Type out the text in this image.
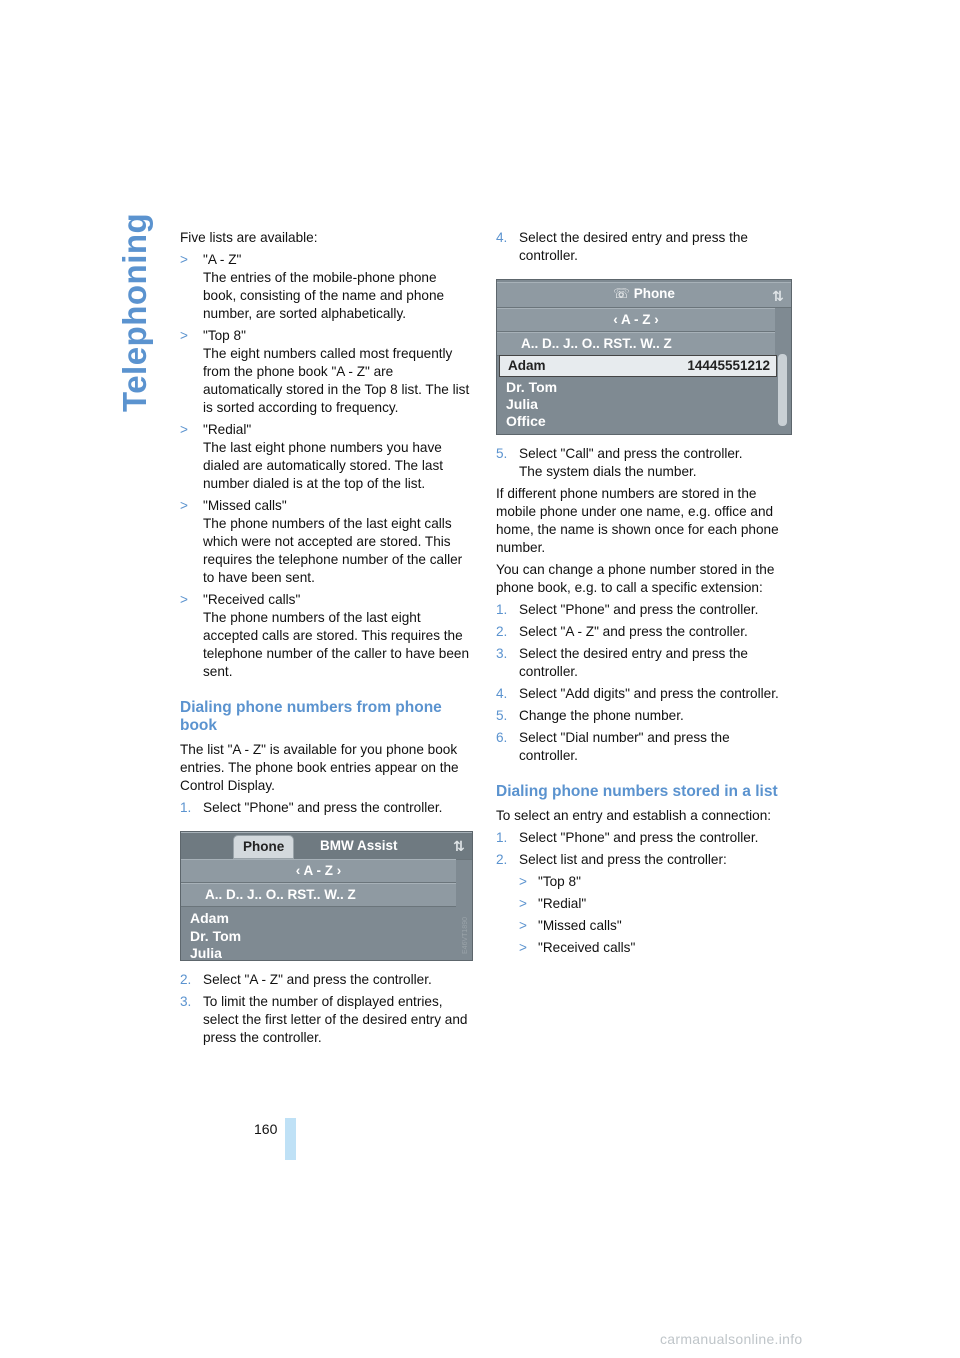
Telephoning Five lists are available:

> "A - Z"
The entries of the mobile-phone phone book, consisting of the name and phone number, are sorted alphabetically.
> "Top 8"
The eight numbers called most frequently from the phone book "A - Z" are automatically stored in the Top 8 list. The list is sorted according to frequency.
> "Redial"
The last eight phone numbers you have dialed are automatically stored. The last number dialed is at the top of the list.
> "Missed calls"
The phone numbers of the last eight calls which were not accepted are stored. This requires the telephone number of the caller to have been sent.
> "Received calls"
The phone numbers of the last eight accepted calls are stored. This requires the telephone number of the caller to have been sent.
Dialing phone numbers from phone book

The list "A - Z" is available for you phone book entries. The phone book entries appear on the Control Display.

1. Select "Phone" and press the controller.
Phone	BMW Assist	⇅
‹ A - Z ›
A.. D.. J.. O.. RST.. W.. Z
Adam
Dr. Tom
Julia	E46VT1890
2. Select "A - Z" and press the controller.
3. To limit the number of displayed entries, select the first letter of the desired entry and press the controller.
4. Select the desired entry and press the controller.
☏ Phone	⇅
‹ A - Z ›
A.. D.. J.. O.. RST.. W.. Z
Adam	14445551212
Dr. Tom
Julia
Office
5. Select "Call" and press the controller.
The system dials the number.

If different phone numbers are stored in the mobile phone under one name, e.g. office and home, the name is shown once for each phone number.

You can change a phone number stored in the phone book, e.g. to call a specific extension:

1. Select "Phone" and press the controller.
2. Select "A - Z" and press the controller.
3. Select the desired entry and press the controller.
4. Select "Add digits" and press the controller.
5. Change the phone number.
6. Select "Dial number" and press the controller.
Dialing phone numbers stored in a list

To select an entry and establish a connection:

1. Select "Phone" and press the controller.
2. Select list and press the controller:
> "Top 8"
> "Redial"
> "Missed calls"
> "Received calls"
160
carmanualsonline.info
